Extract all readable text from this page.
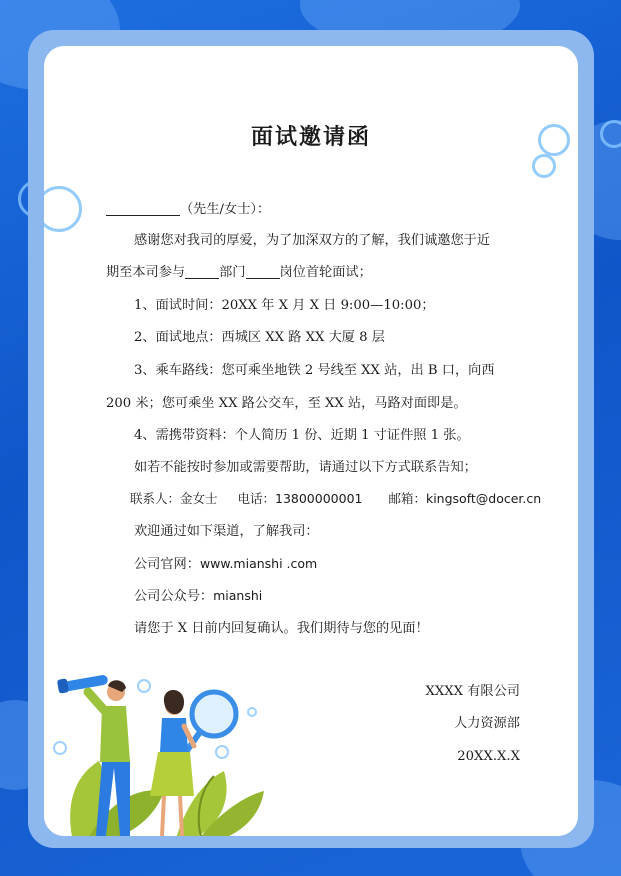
面试邀请函
（先生/女士）：
感谢您对我司的厚爱，为了加深双方的了解，我们诚邀您于近
期至本司参与	部门	岗位首轮面试；
1、面试时间：20XX 年 X 月 X 日 9:00—10:00；
2、面试地点：西城区 XX 路 XX 大厦 8 层
3、乘车路线：您可乘坐地铁 2 号线至 XX 站，出 B 口，向西
200 米；您可乘坐 XX 路公交车，至 XX 站，马路对面即是。
4、需携带资料：个人简历 1 份、近期 1 寸证件照 1 张。
如若不能按时参加或需要帮助，请通过以下方式联系告知；
联系人：金女士 电话：13800000001 邮箱：kingsoft@docer.cn
欢迎通过如下渠道，了解我司：
公司官网：www.mianshi .com
公司公众号：mianshi
请您于 X 日前内回复确认。我们期待与您的见面！
XXXX 有限公司
人力资源部
20XX.X.X
